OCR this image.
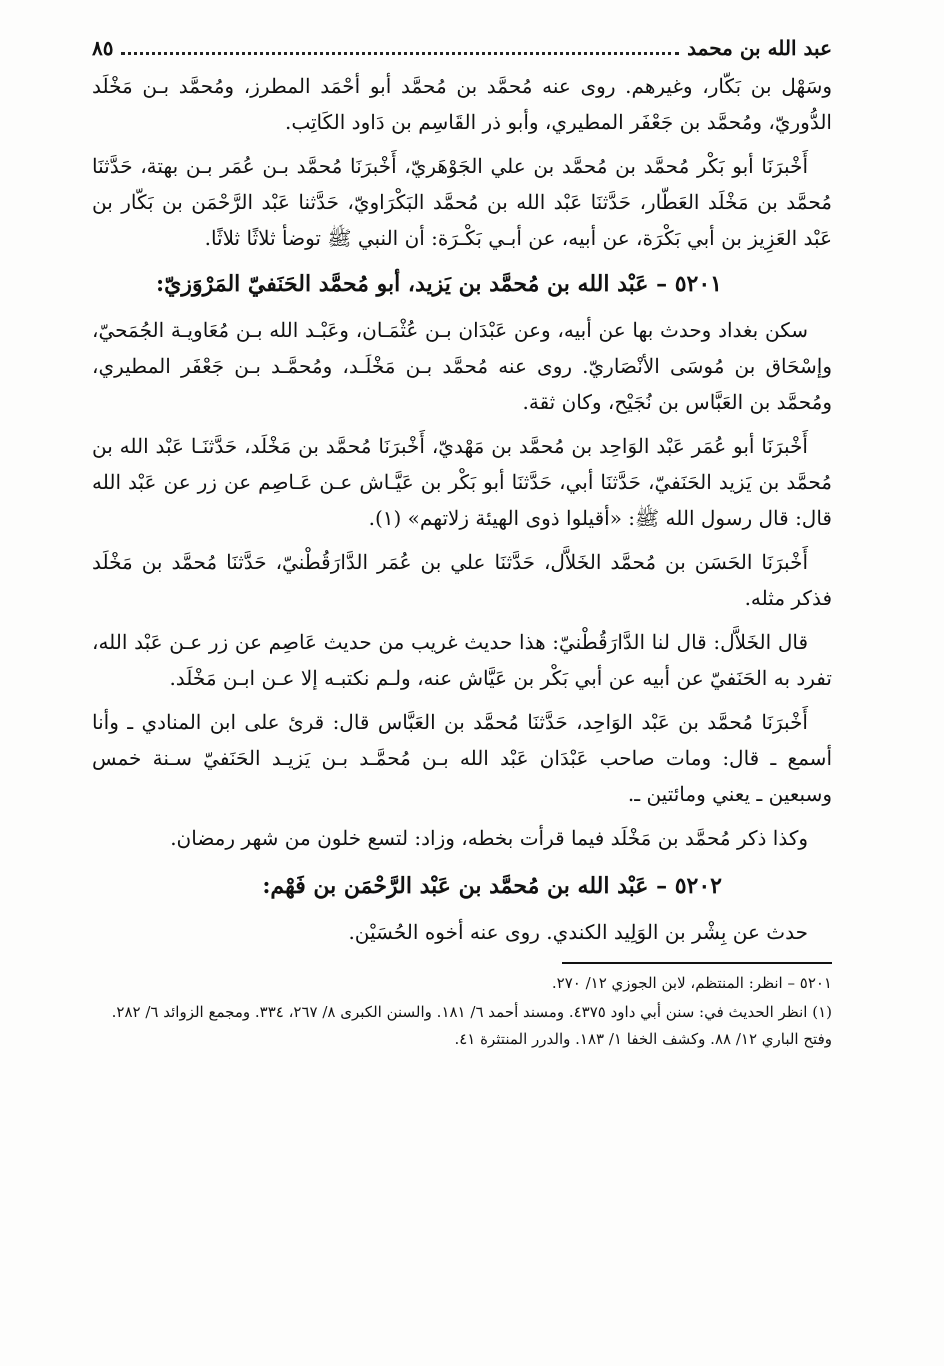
عبد الله بن محمد
٨٥

وسَهْل بن بَكّار، وغيرهم. روى عنه مُحمَّد بن مُحمَّد أبو أحْمَد المطرز، ومُحمَّد بـن مَخْلَد الدُّوريّ، ومُحمَّد بن جَعْفَر المطيري، وأبو ذر القَاسِم بن دَاود الكَاتِب.

أَخْبرَنَا أبو بَكْر مُحمَّد بن مُحمَّد بن علي الجَوْهَريّ، أَخْبرَنَا مُحمَّد بـن عُمَر بـن بهتة، حَدَّثنَا مُحمَّد بن مَخْلَد العَطّار، حَدَّثنَا عَبْد الله بن مُحمَّد البَكْرَاويّ، حَدَّثنا عَبْد الرَّحْمَن بن بَكّار بن عَبْد العَزِيز بن أبي بَكْرَة، عن أبيه، عن أبـي بَكْـرَة: أن النبي ﷺ توضأ ثلاثًا ثلاثًا.

٥٢٠١ – عَبْد الله بن مُحمَّد بن يَزيد، أبو مُحمَّد الحَنَفيّ المَرْوَزيّ:

سكن بغداد وحدث بها عن أبيه، وعن عَبْدَان بـن عُثْمَـان، وعَبْـد الله بـن مُعَاويـة الجُمَحيّ، وإسْحَاق بن مُوسَى الأنْصَاريّ. روى عنه مُحمَّد بـن مَخْلَـد، ومُحمَّـد بـن جَعْفَر المطيري، ومُحمَّد بن العَبَّاس بن نُجَيْح، وكان ثقة.

أَخْبرَنَا أبو عُمَر عَبْد الوَاحِد بن مُحمَّد بن مَهْديّ، أَخْبرَنَا مُحمَّد بن مَخْلَد، حَدَّثنَـا عَبْد الله بن مُحمَّد بن يَزيد الحَنَفيّ، حَدَّثنَا أبي، حَدَّثنَا أبو بَكْر بن عَيَّـاش عـن عَـاصِم عن زر عن عَبْد الله قال: قال رسول الله ﷺ: «أقيلوا ذوى الهيئة زلاتهم» (١).

أَخْبرَنَا الحَسَن بن مُحمَّد الخَلاَّل، حَدَّثنَا علي بن عُمَر الدَّارَقُطْنيّ، حَدَّثنَا مُحمَّد بن مَخْلَد فذكر مثله.

قال الخَلاَّل: قال لنا الدَّارَقُطْنيّ: هذا حديث غريب من حديث عَاصِم عن زر عـن عَبْد الله، تفرد به الحَنَفيّ عن أبيه عن أبي بَكْر بن عَيَّاش عنه، ولـم نكتبـه إلا عـن ابـن مَخْلَد.

أَخْبرَنَا مُحمَّد بن عَبْد الوَاحِد، حَدَّثنَا مُحمَّد بن العَبَّاس قال: قرئ على ابن المنادي ـ وأنا أسمع ـ قال: ومات صاحب عَبْدَان عَبْد الله بـن مُحمَّـد بـن يَزيـد الحَنَفيّ سـنة خمس وسبعين ـ يعني ومائتين ـ.

وكذا ذكر مُحمَّد بن مَخْلَد فيما قرأت بخطه، وزاد: لتسع خلون من شهر رمضان.

٥٢٠٢ – عَبْد الله بن مُحمَّد بن عَبْد الرَّحْمَن بن فَهْم:

حدث عن بِشْر بن الوَلِيد الكندي. روى عنه أخوه الحُسَيْن.

٥٢٠١ – انظر: المنتظم، لابن الجوزي ١٢/ ٢٧٠.

(١) انظر الحديث في: سنن أبي داود ٤٣٧٥. ومسند أحمد ٦/ ١٨١. والسنن الكبرى ٨/ ٢٦٧، ٣٣٤. ومجمع الزوائد ٦/ ٢٨٢. وفتح الباري ١٢/ ٨٨. وكشف الخفا ١/ ١٨٣. والدرر المنتثرة ٤١.
